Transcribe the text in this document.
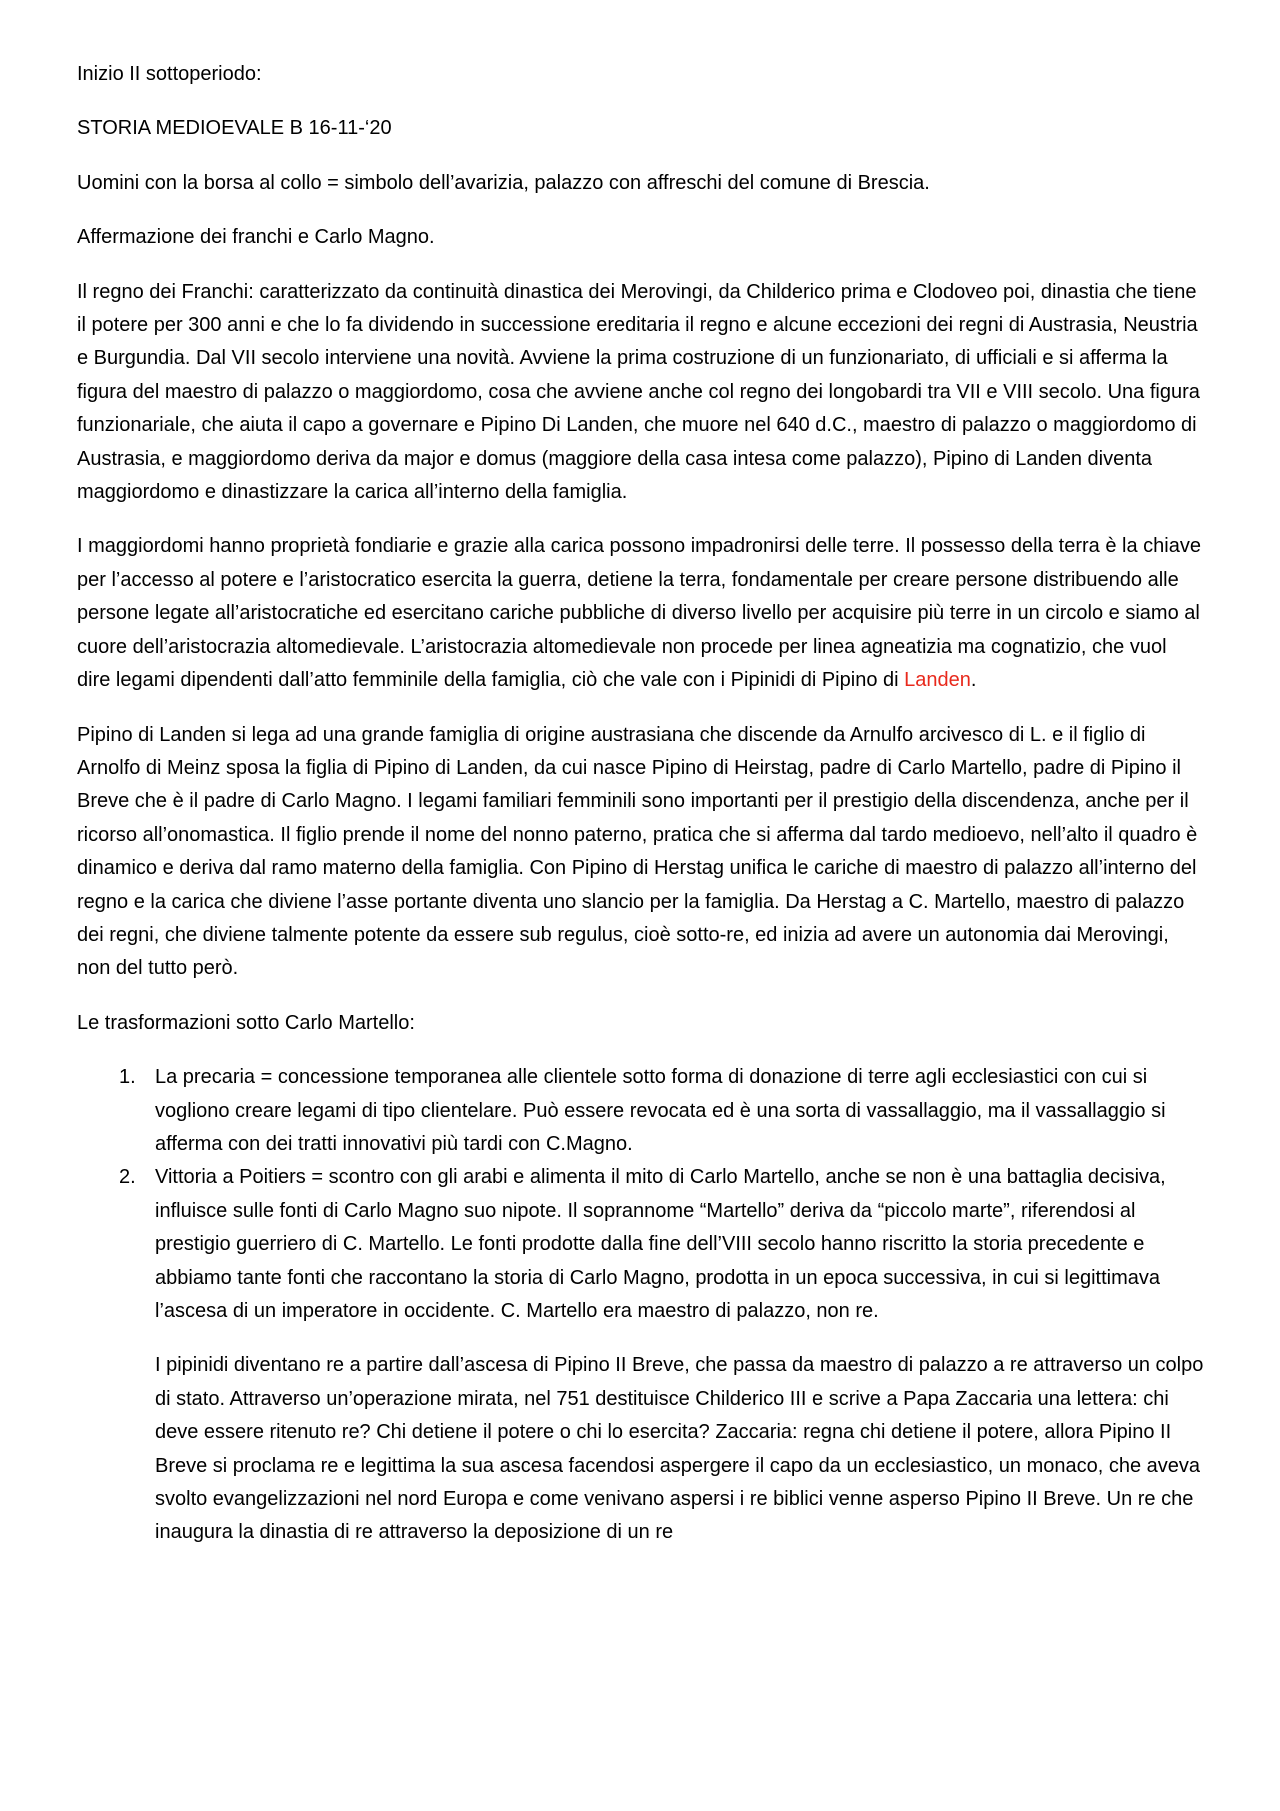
Inizio II sottoperiodo:

STORIA MEDIOEVALE B 16-11-‘20

Uomini con la borsa al collo = simbolo dell’avarizia, palazzo con affreschi del comune di Brescia.

Affermazione dei franchi e Carlo Magno.

Il regno dei Franchi: caratterizzato da continuità dinastica dei Merovingi, da Childerico prima e Clodoveo poi, dinastia che tiene il potere per 300 anni e che lo fa dividendo in successione ereditaria il regno e alcune eccezioni dei regni di Austrasia, Neustria e Burgundia. Dal VII secolo interviene una novità. Avviene la prima costruzione di un funzionariato, di ufficiali e si afferma la figura del maestro di palazzo o maggiordomo, cosa che avviene anche col regno dei longobardi tra VII e VIII secolo. Una figura funzionariale, che aiuta il capo a governare e Pipino Di Landen, che muore nel 640 d.C., maestro di palazzo o maggiordomo di Austrasia, e maggiordomo deriva da major e domus (maggiore della casa intesa come palazzo), Pipino di Landen diventa maggiordomo e dinastizzare la carica all’interno della famiglia.

I maggiordomi hanno proprietà fondiarie e grazie alla carica possono impadronirsi delle terre. Il possesso della terra è la chiave per l’accesso al potere e l’aristocratico esercita la guerra, detiene la terra, fondamentale per creare persone distribuendo alle persone legate all’aristocratiche ed esercitano cariche pubbliche di diverso livello per acquisire più terre in un circolo e siamo al cuore dell’aristocrazia altomedievale. L’aristocrazia altomedievale non procede per linea agneatizia ma cognatizio, che vuol dire legami dipendenti dall’atto femminile della famiglia, ciò che vale con i Pipinidi di Pipino di Landen.

Pipino di Landen si lega ad una grande famiglia di origine austrasiana che discende da Arnulfo arcivesco di L. e il figlio di Arnolfo di Meinz sposa la figlia di Pipino di Landen, da cui nasce Pipino di Heirstag, padre di Carlo Martello, padre di Pipino il Breve che è il padre di Carlo Magno. I legami familiari femminili sono importanti per il prestigio della discendenza, anche per il ricorso all’onomastica. Il figlio prende il nome del nonno paterno, pratica che si afferma dal tardo medioevo, nell’alto il quadro è dinamico e deriva dal ramo materno della famiglia. Con Pipino di Herstag unifica le cariche di maestro di palazzo all’interno del regno e la carica che diviene l’asse portante diventa uno slancio per la famiglia. Da Herstag a C. Martello, maestro di palazzo dei regni, che diviene talmente potente da essere sub regulus, cioè sotto-re, ed inizia ad avere un autonomia dai Merovingi, non del tutto però.

Le trasformazioni sotto Carlo Martello:

1. La precaria = concessione temporanea alle clientele sotto forma di donazione di terre agli ecclesiastici con cui si vogliono creare legami di tipo clientelare. Può essere revocata ed è una sorta di vassallaggio, ma il vassallaggio si afferma con dei tratti innovativi più tardi con C.Magno.
2. Vittoria a Poitiers = scontro con gli arabi e alimenta il mito di Carlo Martello, anche se non è una battaglia decisiva, influisce sulle fonti di Carlo Magno suo nipote. Il soprannome “Martello” deriva da “piccolo marte”, riferendosi al prestigio guerriero di C. Martello. Le fonti prodotte dalla fine dell’VIII secolo hanno riscritto la storia precedente e abbiamo tante fonti che raccontano la storia di Carlo Magno, prodotta in un epoca successiva, in cui si legittimava l’ascesa di un imperatore in occidente. C. Martello era maestro di palazzo, non re.

I pipinidi diventano re a partire dall’ascesa di Pipino II Breve, che passa da maestro di palazzo a re attraverso un colpo di stato. Attraverso un’operazione mirata, nel 751 destituisce Childerico III e scrive a Papa Zaccaria una lettera: chi deve essere ritenuto re? Chi detiene il potere o chi lo esercita? Zaccaria: regna chi detiene il potere, allora Pipino II Breve si proclama re e legittima la sua ascesa facendosi aspergere il capo da un ecclesiastico, un monaco, che aveva svolto evangelizzazioni nel nord Europa e come venivano aspersi i re biblici venne asperso Pipino II Breve. Un re che inaugura la dinastia di re attraverso la deposizione di un re
